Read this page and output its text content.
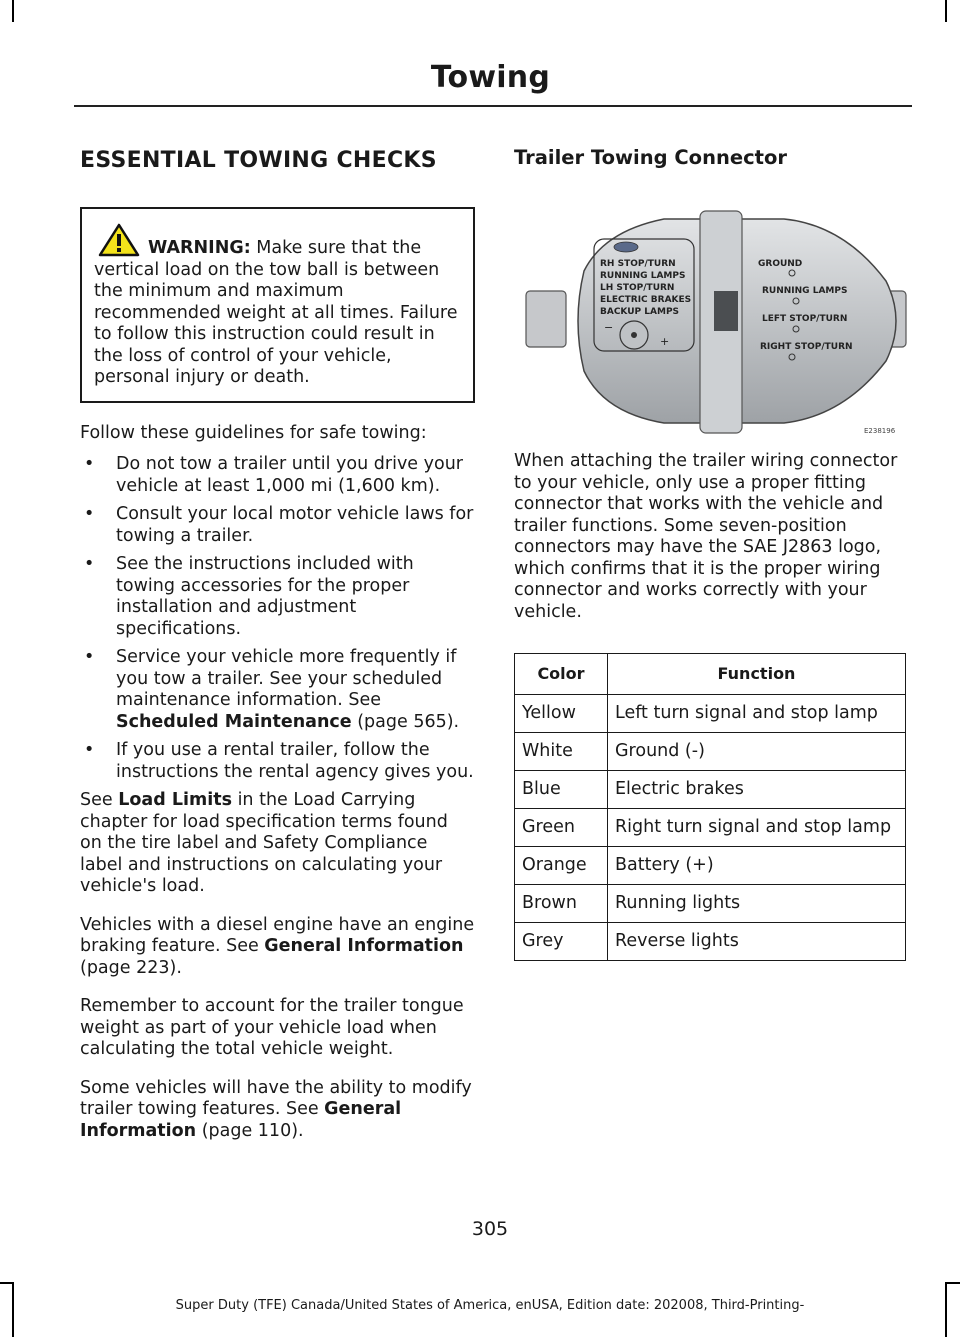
Towing
ESSENTIAL TOWING CHECKS
WARNING: Make sure that the vertical load on the tow ball is between the minimum and maximum recommended weight at all times. Failure to follow this instruction could result in the loss of control of your vehicle, personal injury or death.

Follow these guidelines for safe towing:

• Do not tow a trailer until you drive your vehicle at least 1,000 mi (1,600 km).
• Consult your local motor vehicle laws for towing a trailer.
• See the instructions included with towing accessories for the proper installation and adjustment specifications.
• Service your vehicle more frequently if you tow a trailer. See your scheduled maintenance information. See Scheduled Maintenance (page 565).
• If you use a rental trailer, follow the instructions the rental agency gives you.

See Load Limits in the Load Carrying chapter for load specification terms found on the tire label and Safety Compliance label and instructions on calculating your vehicle's load.

Vehicles with a diesel engine have an engine braking feature. See General Information (page 223).

Remember to account for the trailer tongue weight as part of your vehicle load when calculating the total vehicle weight.

Some vehicles will have the ability to modify trailer towing features. See General Information (page 110).

Trailer Towing Connector
RH STOP/TURN
RUNNING LAMPS
LH STOP/TURN
ELECTRIC BRAKES
BACKUP LAMPS
−
+
GROUND
RUNNING LAMPS
LEFT STOP/TURN
RIGHT STOP/TURN
E238196

When attaching the trailer wiring connector to your vehicle, only use a proper fitting connector that works with the vehicle and trailer functions. Some seven-position connectors may have the SAE J2863 logo, which confirms that it is the proper wiring connector and works correctly with your vehicle.

Color	Function
Yellow	Left turn signal and stop lamp
White	Ground (-)
Blue	Electric brakes
Green	Right turn signal and stop lamp
Orange	Battery (+)
Brown	Running lights
Grey	Reverse lights
305
Super Duty (TFE) Canada/United States of America, enUSA, Edition date: 202008, Third-Printing-
